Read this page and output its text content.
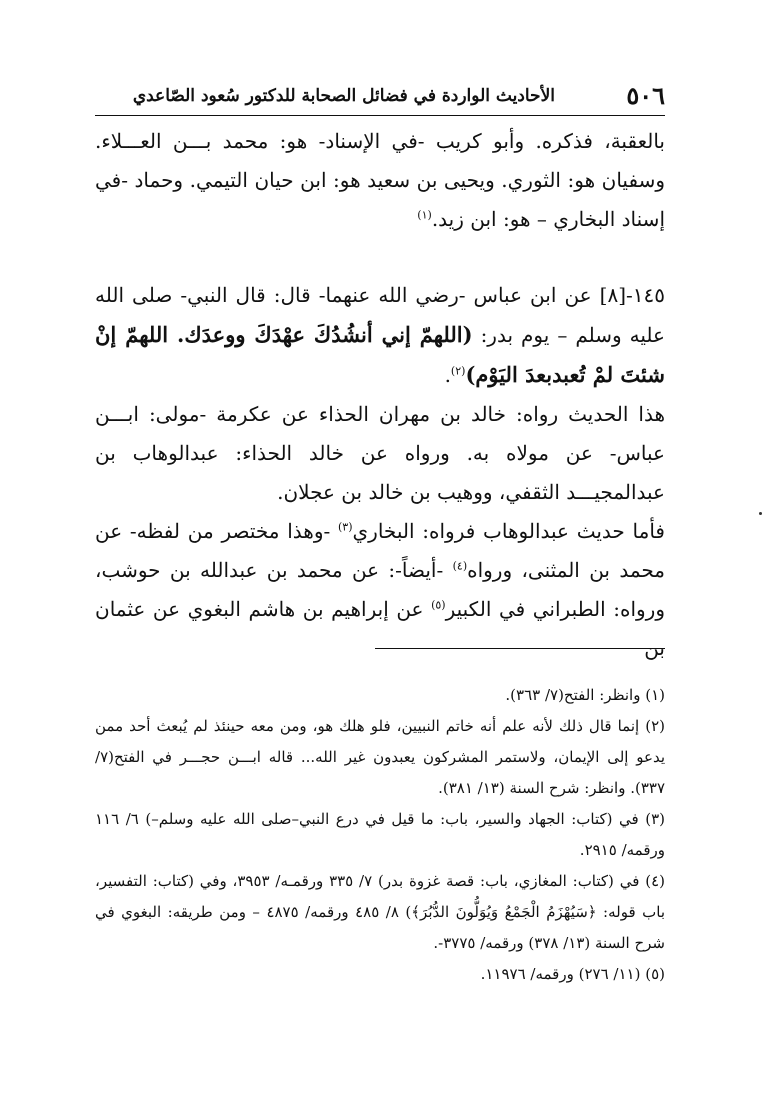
٥٠٦
الأحاديث الواردة في فضائل الصحابة للدكتور سُعود الصّاعدي

بالعقبة، فذكره. وأبو كريب -في الإسناد- هو: محمد بـــن العـــلاء. وسفيان هو: الثوري. ويحيى بن سعيد هو: ابن حيان التيمي. وحماد -في إسناد البخاري – هو: ابن زيد.$^{(١)}$

١٤٥-[٨] عن ابن عباس -رضي الله عنهما- قال: قال النبي- صلى الله عليه وسلم – يوم بدر: (اللهمّ إني أنشُدُكَ عهْدَكَ ووعدَك. اللهمّ إنْ شئتَ لمْ تُعبدبعدَ اليَوْم)$^{(٢)}$.

هذا الحديث رواه: خالد بن مهران الحذاء عن عكرمة -مولى: ابـــن عباس- عن مولاه به. ورواه عن خالد الحذاء: عبدالوهاب بن عبدالمجيـــد الثقفي، ووهيب بن خالد بن عجلان.

فأما حديث عبدالوهاب فرواه: البخاري$^{(٣)}$ -وهذا مختصر من لفظه- عن محمد بن المثنى، ورواه$^{(٤)}$ -أيضاً-: عن محمد بن عبدالله بن حوشب، ورواه: الطبراني في الكبير$^{(٥)}$ عن إبراهيم بن هاشم البغوي عن عثمان بن

(١) وانظر: الفتح(٧/ ٣٦٣).

(٢) إنما قال ذلك لأنه علم أنه خاتم النبيين، فلو هلك هو، ومن معه حينئذ لم يُبعث أحد ممن يدعو إلى الإيمان، ولاستمر المشركون يعبدون غير الله... قاله ابـــن حجـــر في الفتح(٧/ ٣٣٧). وانظر: شرح السنة (١٣/ ٣٨١).

(٣) في (كتاب: الجهاد والسير، باب: ما قيل في درع النبي–صلى الله عليه وسلم–) ٦/ ١١٦ ورقمه/ ٢٩١٥.

(٤) في (كتاب: المغازي، باب: قصة غزوة بدر) ٧/ ٣٣٥ ورقمـه/ ٣٩٥٣، وفي (كتاب: التفسير، باب قوله: ﴿سَيُهْزَمُ الْجَمْعُ وَيُوَلُّونَ الدُّبُرَ﴾) ٨/ ٤٨٥ ورقمه/ ٤٨٧٥ – ومن طريقه: البغوي في شرح السنة (١٣/ ٣٧٨) ورقمه/ ٣٧٧٥-.

(٥) (١١/ ٢٧٦) ورقمه/ ١١٩٧٦.
